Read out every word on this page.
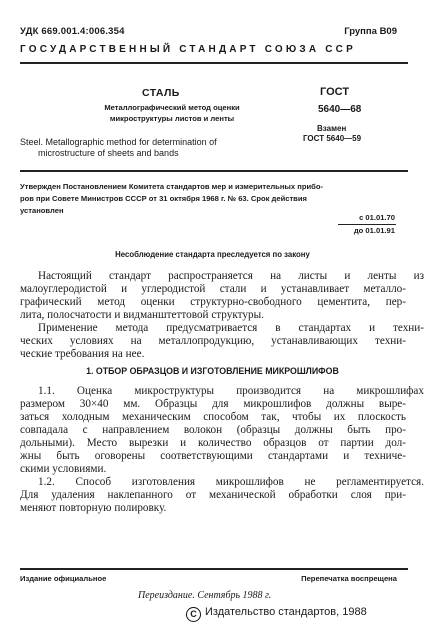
УДК 669.001.4:006.354	Группа В09
ГОСУДАРСТВЕННЫЙ СТАНДАРТ СОЮЗА ССР
СТАЛЬ
Металлографический метод оценки
микроструктуры листов и ленты
Steel. Metallographic method for determination of
microstructure of sheets and bands
ГОСТ
5640—68
Взамен
ГОСТ 5640—59
Утвержден Постановлением Комитета стандартов мер и измерительных прибо-
ров при Совете Министров СССР от 31 октября 1968 г. № 63. Срок действия
установлен
с 01.01.70
до 01.01.91
Несоблюдение стандарта преследуется по закону
Настоящий стандарт распространяется на листы и ленты из
малоуглеродистой и углеродистой стали и устанавливает металло-
графический метод оценки структурно-свободного цементита, пер-
лита, полосчатости и видманштеттовой структуры.
Применение метода предусматривается в стандартах и техни-
ческих условиях на металлопродукцию, устанавливающих техни-
ческие требования на нее.
1. ОТБОР ОБРАЗЦОВ И ИЗГОТОВЛЕНИЕ МИКРОШЛИФОВ
1.1. Оценка микроструктуры производится на микрошлифах
размером 30×40 мм. Образцы для микрошлифов должны выре-
заться холодным механическим способом так, чтобы их плоскость
совпадала с направлением волокон (образцы должны быть про-
дольными). Место вырезки и количество образцов от партии дол-
жны быть оговорены соответствующими стандартами и техниче-
скими условиями.
1.2. Способ изготовления микрошлифов не регламентируется.
Для удаления наклепанного от механической обработки слоя при-
меняют повторную полировку.
Издание официальное	Перепечатка воспрещена
Переиздание. Сентябрь 1988 г.
C Издательство стандартов, 1988
